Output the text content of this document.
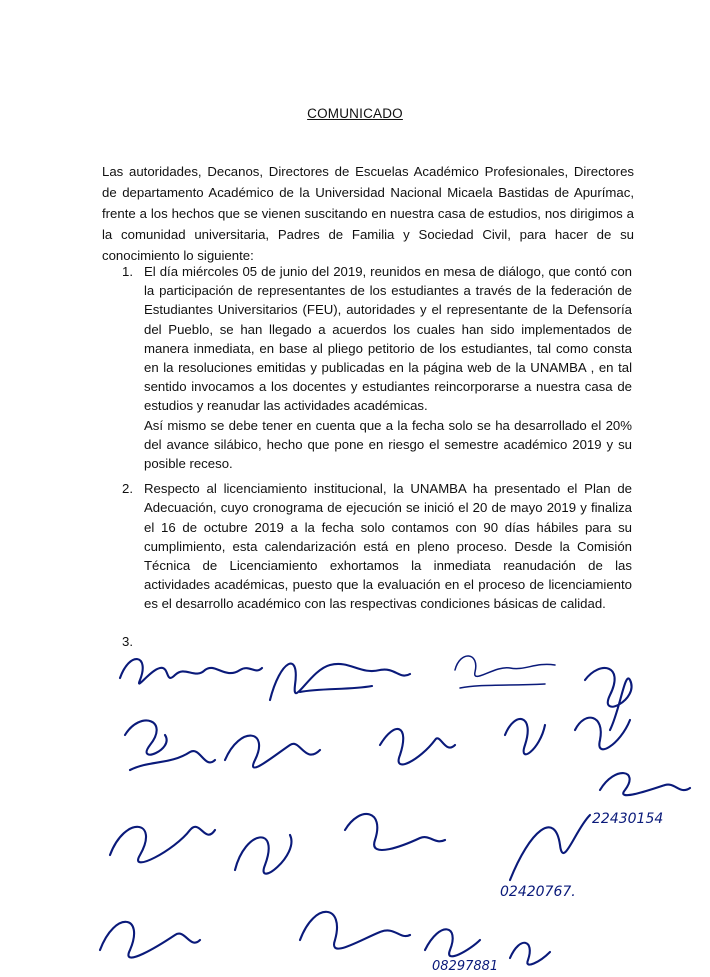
COMUNICADO
Las autoridades, Decanos, Directores de Escuelas Académico Profesionales, Directores de departamento Académico de la Universidad Nacional Micaela Bastidas de Apurímac, frente a los hechos que se vienen suscitando en nuestra casa de estudios, nos dirigimos a la comunidad universitaria, Padres de Familia y Sociedad Civil, para hacer de su conocimiento lo siguiente:
1. El día miércoles 05 de junio del 2019, reunidos en mesa de diálogo, que contó con la participación de representantes de los estudiantes a través de la federación de Estudiantes Universitarios (FEU), autoridades y el representante de la Defensoría del Pueblo, se han llegado a acuerdos los cuales han sido implementados de manera inmediata, en base al pliego petitorio de los estudiantes, tal como consta en la resoluciones emitidas y publicadas en la página web de la UNAMBA , en tal sentido invocamos a los docentes y estudiantes reincorporarse a nuestra casa de estudios y reanudar las actividades académicas.

Así mismo se debe tener en cuenta que a la fecha solo se ha desarrollado el 20% del avance silábico, hecho que pone en riesgo el semestre académico 2019 y su posible receso.

2. Respecto al licenciamiento institucional, la UNAMBA ha presentado el Plan de Adecuación, cuyo cronograma de ejecución se inició el 20 de mayo 2019 y finaliza el 16 de octubre 2019 a la fecha solo contamos con 90 días hábiles para su cumplimiento, esta calendarización está en pleno proceso. Desde la Comisión Técnica de Licenciamiento exhortamos la inmediata reanudación de las actividades académicas, puesto que la evaluación en el proceso de licenciamiento es el desarrollo académico con las respectivas condiciones básicas de calidad.

3.
22430154
02420767.
08297881
